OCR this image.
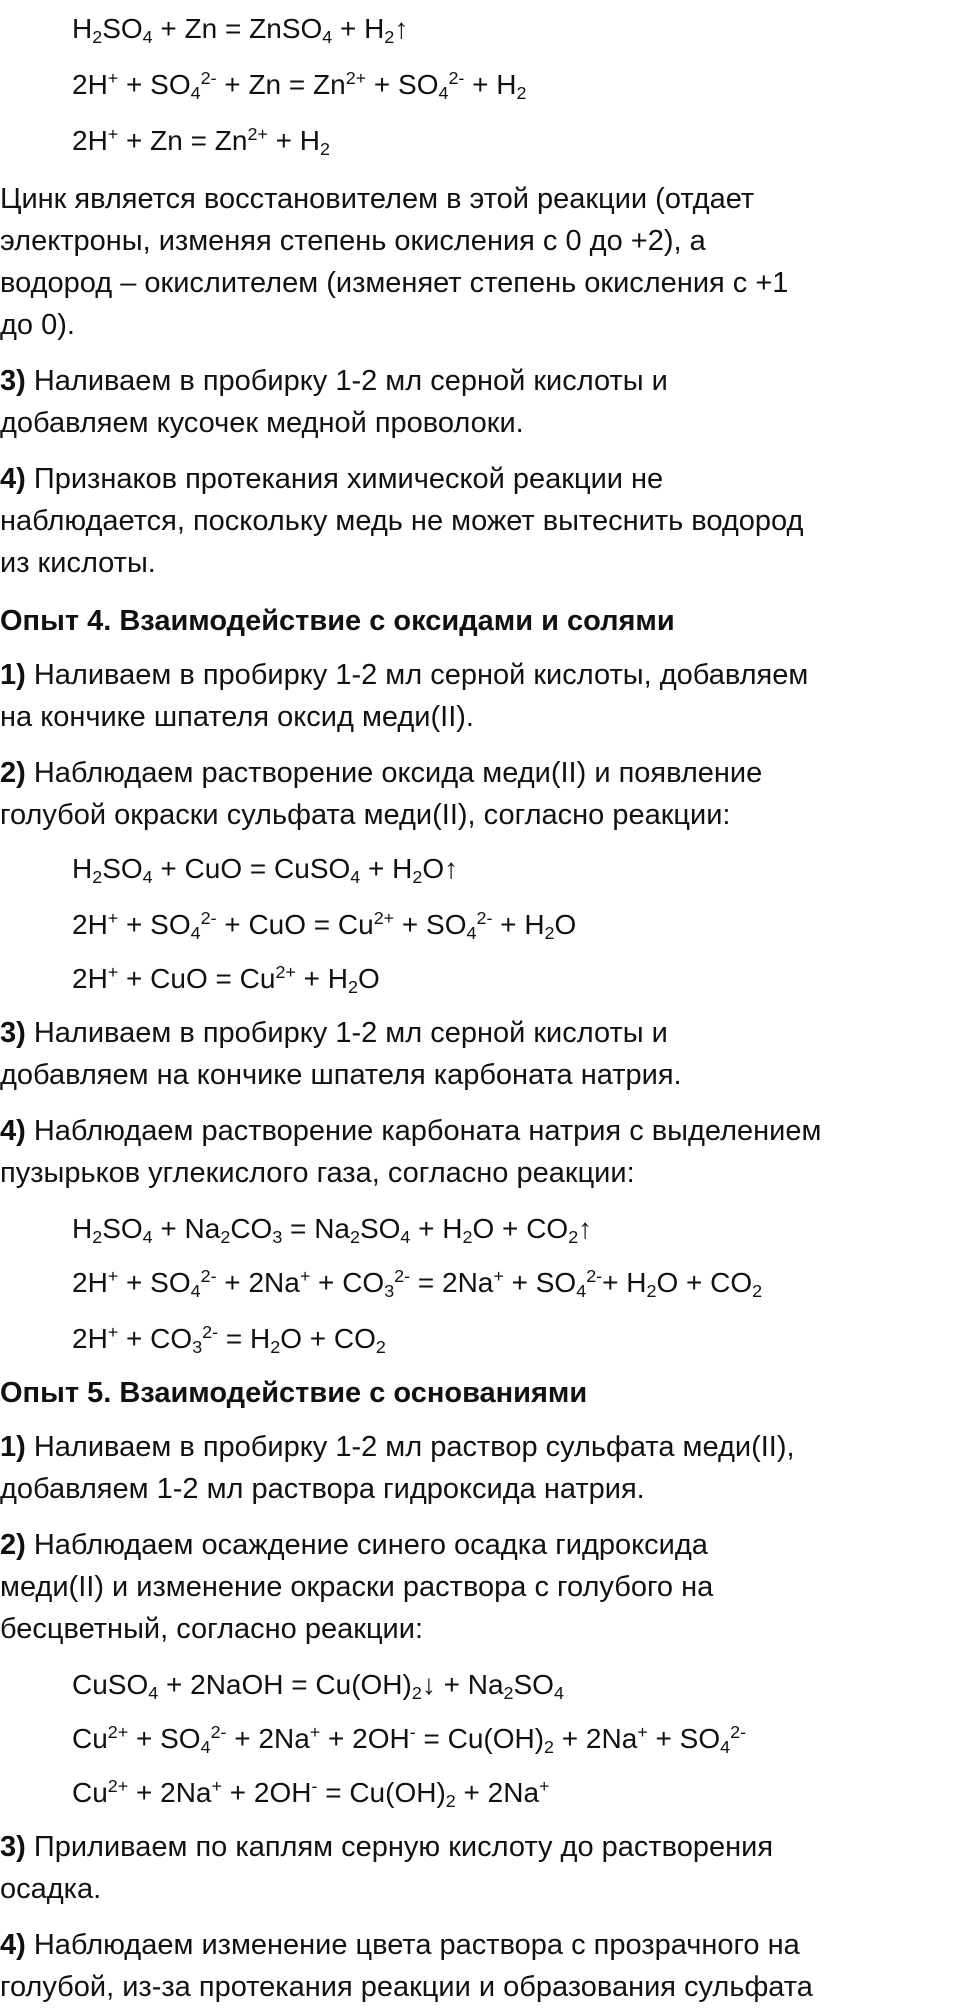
$H_2SO_4 + Zn$ = ZnSO$_4$ + $H_2↑$
$2H^+ + SO_4^{2-} + Zn = Zn^{2+} + SO_4^{2-} + H_2$
$2H^+ + Zn = Zn^{2+} + H_2$
Цинк является восстановителем в этой реакции (отдает
электроны, изменяя степень окисления с 0 до +2), а
водород – окислителем (изменяет степень окисления с +1
до 0).
3) Наливаем в пробирку 1-2 мл серной кислоты и
добавляем кусочек медной проволоки.
4) Признаков протекания химической реакции не
наблюдается, поскольку медь не может вытеснить водород
из кислоты.
Опыт 4. Взаимодействие с оксидами и солями
1) Наливаем в пробирку 1-2 мл серной кислоты, добавляем
на кончике шпателя оксид меди(II).
2) Наблюдаем растворение оксида меди(II) и появление
голубой окраски сульфата меди(II), согласно реакции:
$H_2SO_4$ + CuO = CuSO$_4$ + $H_2O↑$
$2H^+ + SO_4^{2-}$ + CuO = $Cu^{2+} + SO_4^{2-} + H_2O$
2H+ + CuO = $Cu^{2+} + H_2O$
3) Наливаем в пробирку 1-2 мл серной кислоты и
добавляем на кончике шпателя карбоната натрия.
4) Наблюдаем растворение карбоната натрия с выделением
пузырьков углекислого газа, согласно реакции:
$H_2SO_4 + Na_2CO_3 = Na_2SO_4 + H_2O$ + $CO_2↑$
$2H^+ + SO_4^{2-} + 2Na^+ + CO_3^{2-} = 2Na^+ + SO_4^{2-}+ H_2O + CO_2$
$2H^+ + CO_3^{2-} = H_2O + CO_2$
Опыт 5. Взаимодействие с основаниями
1) Наливаем в пробирку 1-2 мл раствор сульфата меди(II),
добавляем 1-2 мл раствора гидроксида натрия.
2) Наблюдаем осаждение синего осадка гидроксида
меди(II) и изменение окраски раствора с голубого на
бесцветный, согласно реакции:
CuSO$_4$ + 2NaOH = $Cu(OH)_2↓ + Na_2SO_4$
$Cu^{2+} + SO_4^{2-} + 2Na^+ + 2OH^- = Cu(OH)_2 + 2Na^+ + SO_4^{2-}$
$Cu^{2+} + 2Na^+ + 2OH^- = Cu(OH)_2 + 2Na^+$
3) Приливаем по каплям серную кислоту до растворения
осадка.
4) Наблюдаем изменение цвета раствора с прозрачного на
голубой, из-за протекания реакции и образования сульфата
